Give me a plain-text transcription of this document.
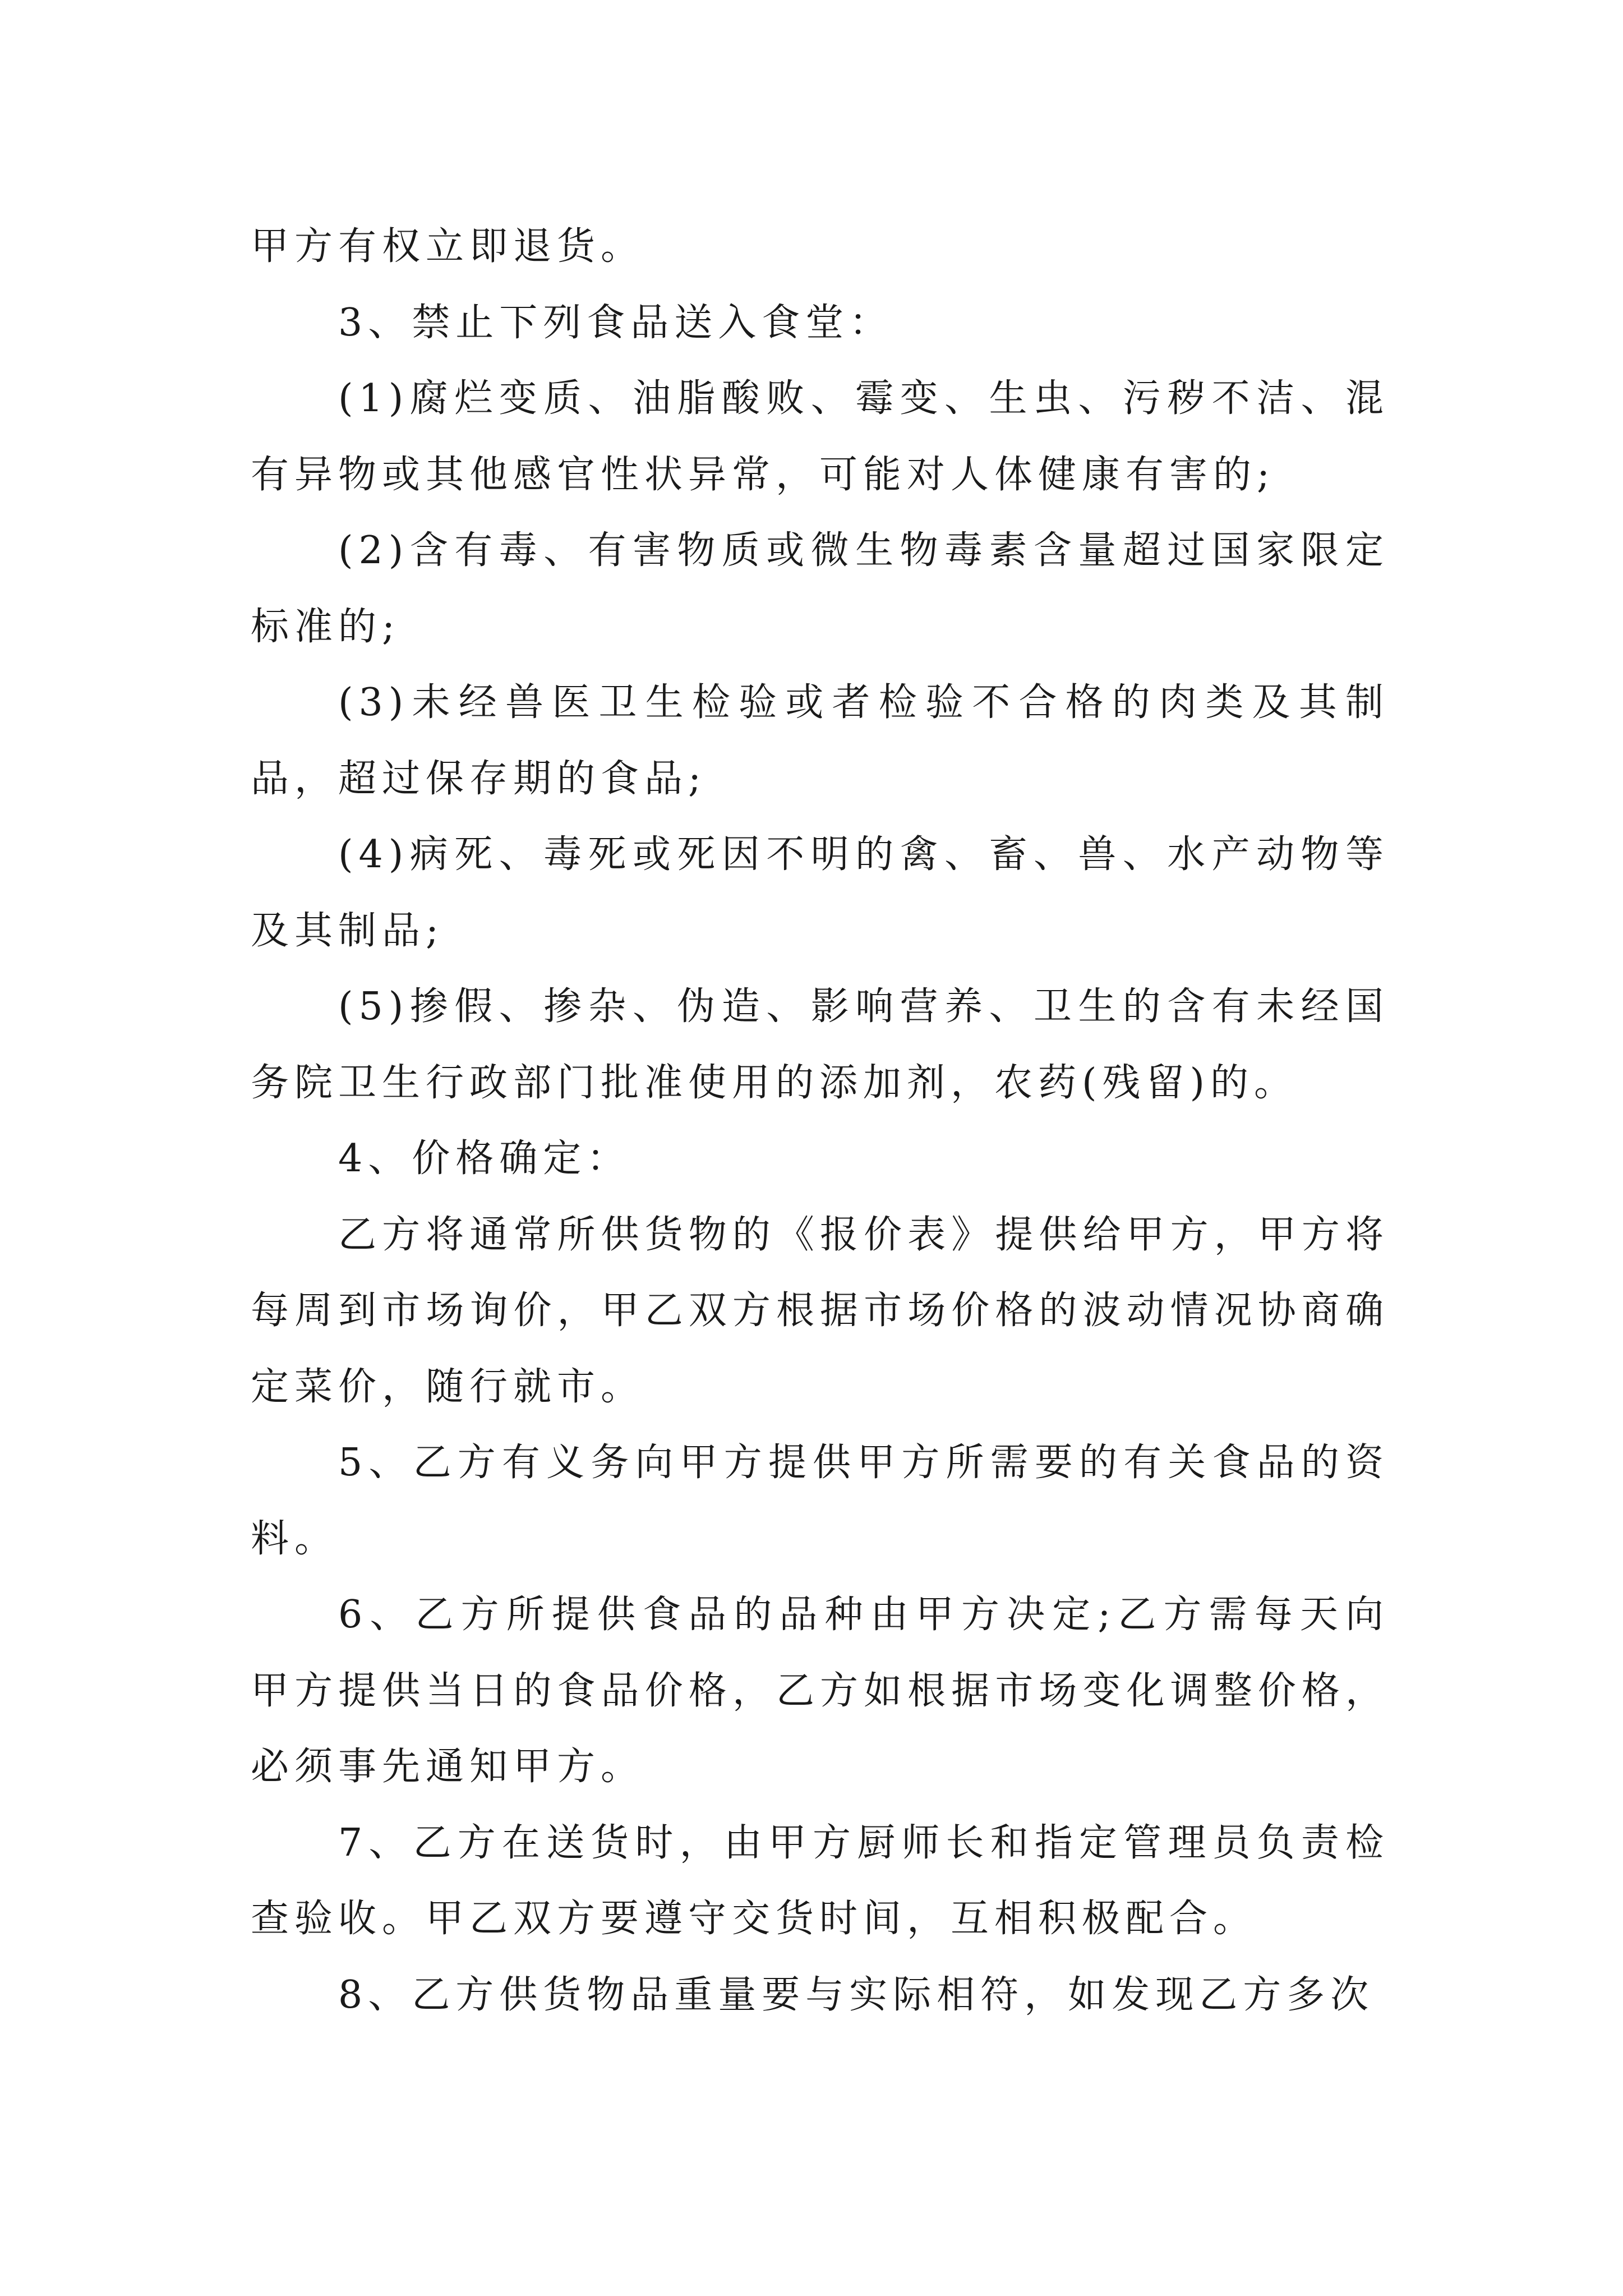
甲方有权立即退货。

3、禁止下列食品送入食堂：

(1)腐烂变质、油脂酸败、霉变、生虫、污秽不洁、混有异物或其他感官性状异常，可能对人体健康有害的;

(2)含有毒、有害物质或微生物毒素含量超过国家限定标准的;

(3)未经兽医卫生检验或者检验不合格的肉类及其制品，超过保存期的食品;

(4)病死、毒死或死因不明的禽、畜、兽、水产动物等及其制品;

(5)掺假、掺杂、伪造、影响营养、卫生的含有未经国务院卫生行政部门批准使用的添加剂，农药(残留)的。

4、价格确定：

乙方将通常所供货物的《报价表》提供给甲方，甲方将每周到市场询价，甲乙双方根据市场价格的波动情况协商确定菜价，随行就市。

5、乙方有义务向甲方提供甲方所需要的有关食品的资料。

6、乙方所提供食品的品种由甲方决定;乙方需每天向甲方提供当日的食品价格，乙方如根据市场变化调整价格，必须事先通知甲方。

7、乙方在送货时，由甲方厨师长和指定管理员负责检查验收。甲乙双方要遵守交货时间，互相积极配合。

8、乙方供货物品重量要与实际相符，如发现乙方多次
